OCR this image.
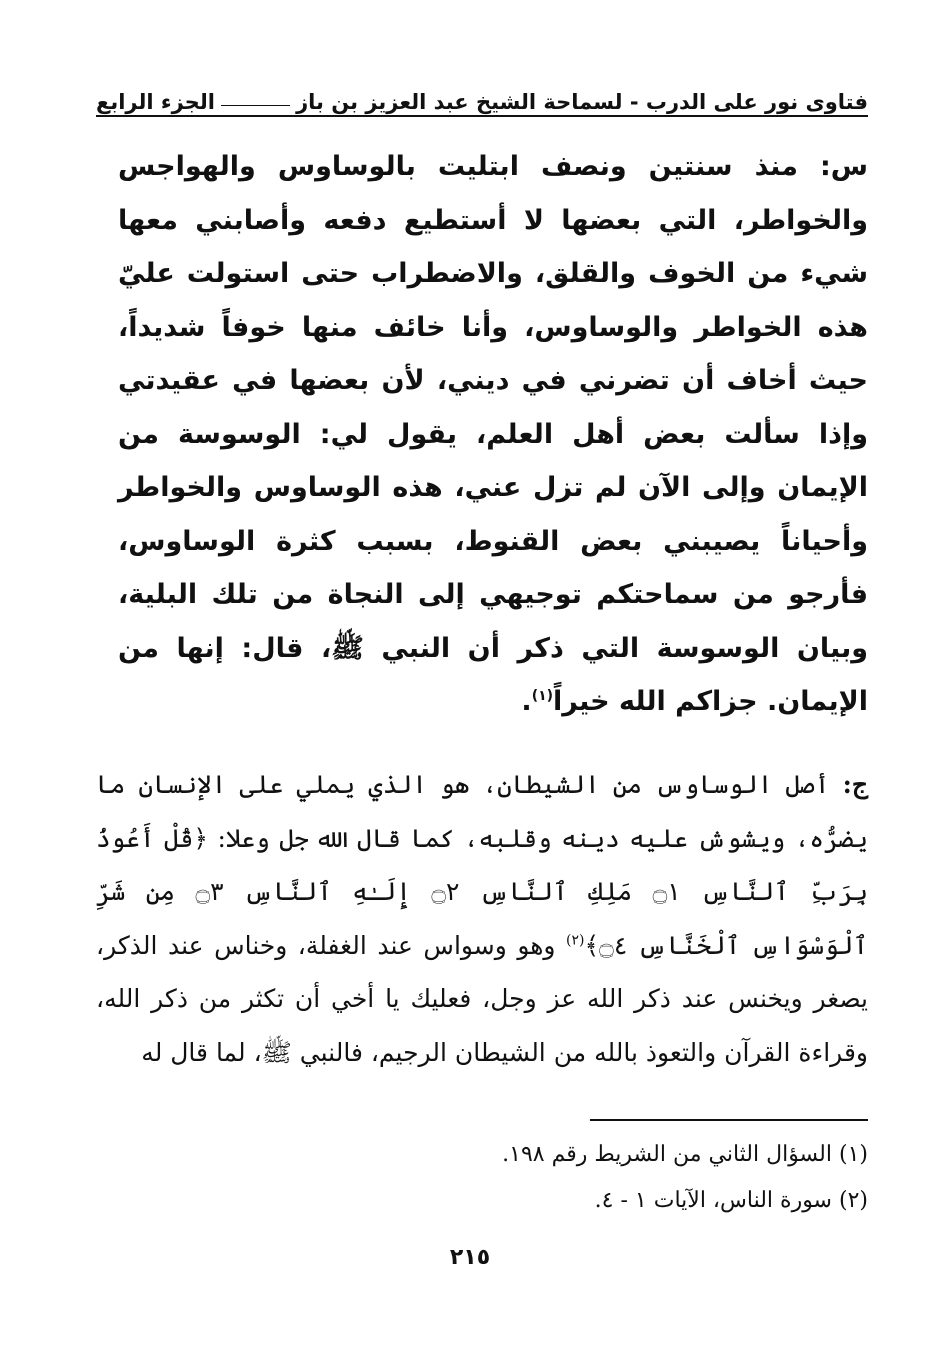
فتاوى نور على الدرب - لسماحة الشيخ عبد العزيز بن باز
الجزء الرابع
س: منذ سنتين ونصف ابتليت بالوساوس والهواجس والخواطر، التي بعضها لا أستطيع دفعه وأصابني معها شيء من الخوف والقلق، والاضطراب حتى استولت عليّ هذه الخواطر والوساوس، وأنا خائف منها خوفاً شديداً، حيث أخاف أن تضرني في ديني، لأن بعضها في عقيدتي وإذا سألت بعض أهل العلم، يقول لي: الوسوسة من الإيمان وإلى الآن لم تزل عني، هذه الوساوس والخواطر وأحياناً يصيبني بعض القنوط، بسبب كثرة الوساوس، فأرجو من سماحتكم توجيهي إلى النجاة من تلك البلية، وبيان الوسوسة التي ذكر أن النبي ﷺ، قال: إنها من الإيمان. جزاكم الله خيراً$^{(١)}$.
ج: أصل الوساوس من الشيطان، هو الذي يملي على الإنسان ما يضرُّه، ويشوش عليه دينه وقلبه، كما قال الله جل وعلا: ﴿قُلْ أَعُوذُ بِرَبِّ ٱلنَّاسِ ۝١ مَلِكِ ٱلنَّاسِ ۝٢ إِلَـٰهِ ٱلنَّاسِ ۝٣ مِن شَرِّ ٱلْوَسْوَاسِ ٱلْخَنَّاسِ ۝٤﴾$^{(٢)}$ وهو وسواس عند الغفلة، وخناس عند الذكر، يصغر ويخنس عند ذكر الله عز وجل، فعليك يا أخي أن تكثر من ذكر الله، وقراءة القرآن والتعوذ بالله من الشيطان الرجيم، فالنبي ﷺ، لما قال له
(١) السؤال الثاني من الشريط رقم ١٩٨.
(٢) سورة الناس، الآيات ١ - ٤.
٢١٥
